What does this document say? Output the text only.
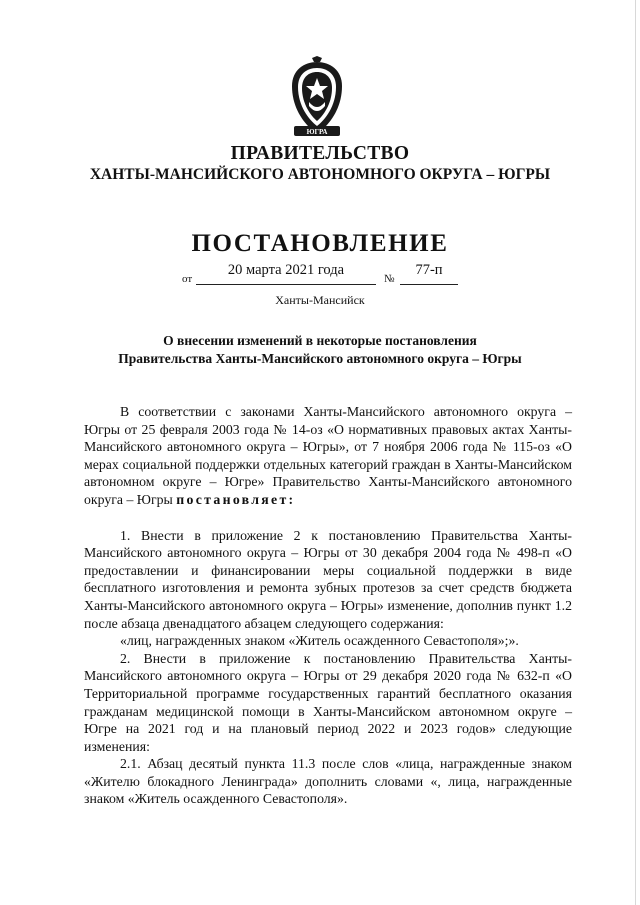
ЮГРА
ПРАВИТЕЛЬСТВО
ХАНТЫ-МАНСИЙСКОГО АВТОНОМНОГО ОКРУГА – ЮГРЫ
ПОСТАНОВЛЕНИЕ
от
20 марта 2021 года
№
77-п
Ханты-Мансийск
О внесении изменений в некоторые постановления
Правительства Ханты-Мансийского автономного округа – Югры

В соответствии с законами Ханты-Мансийского автономного округа – Югры от 25 февраля 2003 года № 14-оз «О нормативных правовых актах Ханты-Мансийского автономного округа – Югры», от 7 ноября 2006 года № 115-оз «О мерах социальной поддержки отдельных категорий граждан в Ханты-Мансийском автономном округе – Югре» Правительство Ханты-Мансийского автономного округа – Югры постановляет:

1. Внести в приложение 2 к постановлению Правительства Ханты-Мансийского автономного округа – Югры от 30 декабря 2004 года № 498-п «О предоставлении и финансировании меры социальной поддержки в виде бесплатного изготовления и ремонта зубных протезов за счет средств бюджета Ханты-Мансийского автономного округа – Югры» изменение, дополнив пункт 1.2 после абзаца двенадцатого абзацем следующего содержания:

«лиц, награжденных знаком «Житель осажденного Севастополя»;».

2. Внести в приложение к постановлению Правительства Ханты-Мансийского автономного округа – Югры от 29 декабря 2020 года № 632-п «О Территориальной программе государственных гарантий бесплатного оказания гражданам медицинской помощи в Ханты-Мансийском автономном округе – Югре на 2021 год и на плановый период 2022 и 2023 годов» следующие изменения:

2.1. Абзац десятый пункта 11.3 после слов «лица, награжденные знаком «Жителю блокадного Ленинграда» дополнить словами «, лица, награжденные знаком «Житель осажденного Севастополя».
